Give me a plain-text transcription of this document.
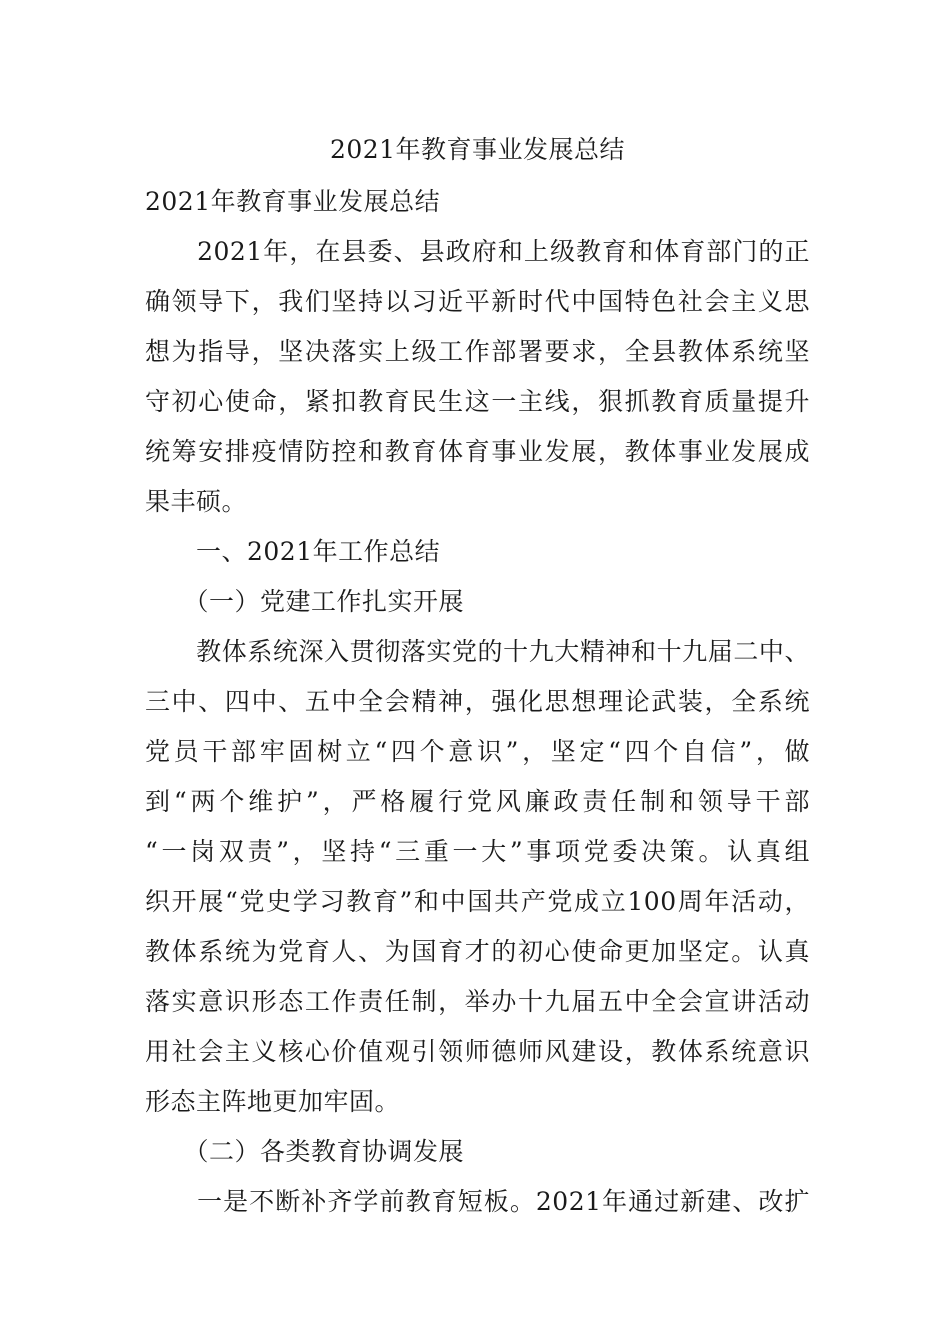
2021年教育事业发展总结
2021年教育事业发展总结
　　2021年，在县委、县政府和上级教育和体育部门的正
确领导下，我们坚持以习近平新时代中国特色社会主义思
想为指导，坚决落实上级工作部署要求，全县教体系统坚
守初心使命，紧扣教育民生这一主线，狠抓教育质量提升
统筹安排疫情防控和教育体育事业发展，教体事业发展成
果丰硕。
　　一、2021年工作总结
　　（一）党建工作扎实开展
　　教体系统深入贯彻落实党的十九大精神和十九届二中、
三中、四中、五中全会精神，强化思想理论武装，全系统
党员干部牢固树立“四个意识”，坚定“四个自信”，做
到“两个维护”，严格履行党风廉政责任制和领导干部
“一岗双责”，坚持“三重一大”事项党委决策。认真组
织开展“党史学习教育”和中国共产党成立100周年活动，
教体系统为党育人、为国育才的初心使命更加坚定。认真
落实意识形态工作责任制，举办十九届五中全会宣讲活动
用社会主义核心价值观引领师德师风建设，教体系统意识
形态主阵地更加牢固。
　　（二）各类教育协调发展
　　一是不断补齐学前教育短板。2021年通过新建、改扩
